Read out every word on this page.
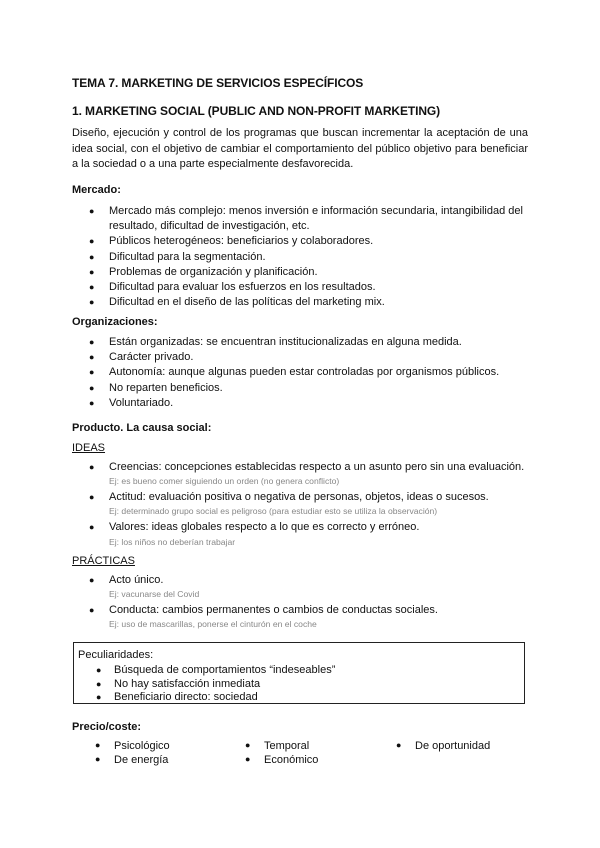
TEMA 7. MARKETING DE SERVICIOS ESPECÍFICOS
1. MARKETING SOCIAL (PUBLIC AND NON-PROFIT MARKETING)
Diseño, ejecución y control de los programas que buscan incrementar la aceptación de una idea social, con el objetivo de cambiar el comportamiento del público objetivo para beneficiar a la sociedad o a una parte especialmente desfavorecida.
Mercado:
● Mercado más complejo: menos inversión e información secundaria, intangibilidad del resultado, dificultad de investigación, etc.
● Públicos heterogéneos: beneficiarios y colaboradores.
● Dificultad para la segmentación.
● Problemas de organización y planificación.
● Dificultad para evaluar los esfuerzos en los resultados.
● Dificultad en el diseño de las políticas del marketing mix.
Organizaciones:
● Están organizadas: se encuentran institucionalizadas en alguna medida.
● Carácter privado.
● Autonomía: aunque algunas pueden estar controladas por organismos públicos.
● No reparten beneficios.
● Voluntariado.
Producto. La causa social:
IDEAS
● Creencias: concepciones establecidas respecto a un asunto pero sin una evaluación.
Ej: es bueno comer siguiendo un orden (no genera conflicto)
● Actitud: evaluación positiva o negativa de personas, objetos, ideas o sucesos.
Ej: determinado grupo social es peligroso (para estudiar esto se utiliza la observación)
● Valores: ideas globales respecto a lo que es correcto y erróneo.
Ej: los niños no deberían trabajar
PRÁCTICAS
● Acto único.
Ej: vacunarse del Covid
● Conducta: cambios permanentes o cambios de conductas sociales.
Ej: uso de mascarillas, ponerse el cinturón en el coche
Peculiaridades:
● Búsqueda de comportamientos “indeseables”
● No hay satisfacción inmediata
● Beneficiario directo: sociedad
Precio/coste:
● Psicológico	● Temporal	● De oportunidad
● De energía	● Económico
